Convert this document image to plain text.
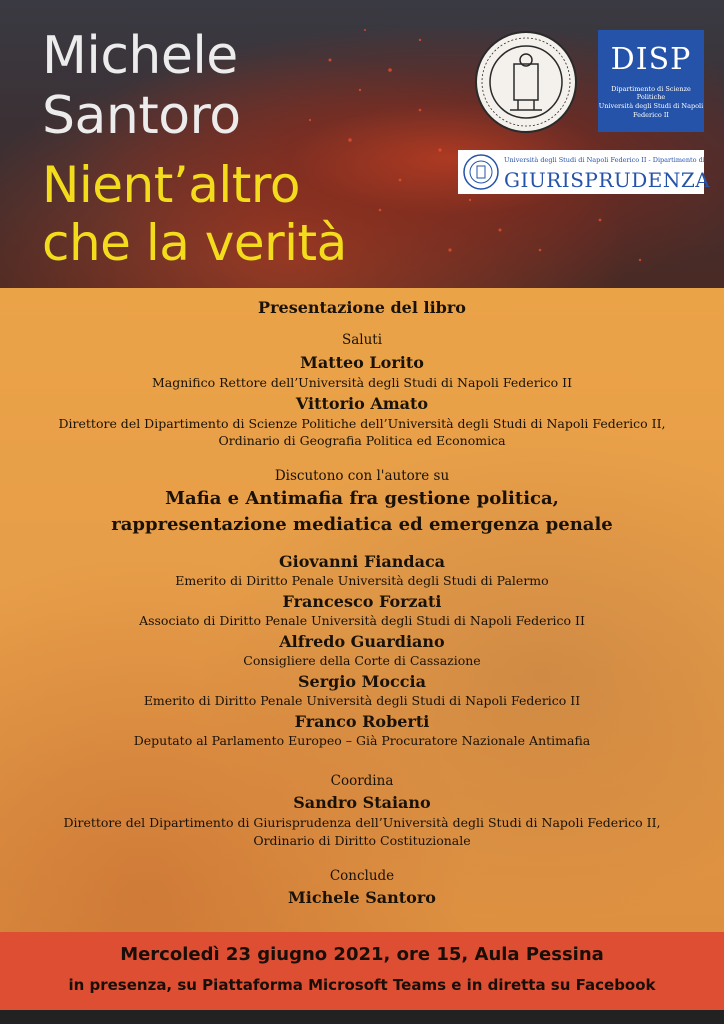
Michele
Santoro
Nient’altro
che la verità
DISP
Dipartimento di Scienze Politiche
Università degli Studi di Napoli
Federico II
Università degli Studi di Napoli Federico II - Dipartimento di
GIURISPRUDENZA
Presentazione del libro
Saluti
Matteo Lorito
Magnifico Rettore dell’Università degli Studi di Napoli Federico II
Vittorio Amato
Direttore del Dipartimento di Scienze Politiche dell’Università degli Studi di Napoli Federico II,
Ordinario di Geografia Politica ed Economica
Discutono con l'autore su
Mafia e Antimafia fra gestione politica,
rappresentazione mediatica ed emergenza penale
Giovanni Fiandaca
Emerito di Diritto Penale Università degli Studi di Palermo
Francesco Forzati
Associato di Diritto Penale Università degli Studi di Napoli Federico II
Alfredo Guardiano
Consigliere della Corte di Cassazione
Sergio Moccia
Emerito di Diritto Penale Università degli Studi di Napoli Federico II
Franco Roberti
Deputato al Parlamento Europeo – Già Procuratore Nazionale Antimafia
Coordina
Sandro Staiano
Direttore del Dipartimento di Giurisprudenza dell’Università degli Studi di Napoli Federico II,
Ordinario di Diritto Costituzionale
Conclude
Michele Santoro
Mercoledì 23 giugno 2021, ore 15, Aula Pessina
in presenza, su Piattaforma Microsoft Teams e in diretta su Facebook
